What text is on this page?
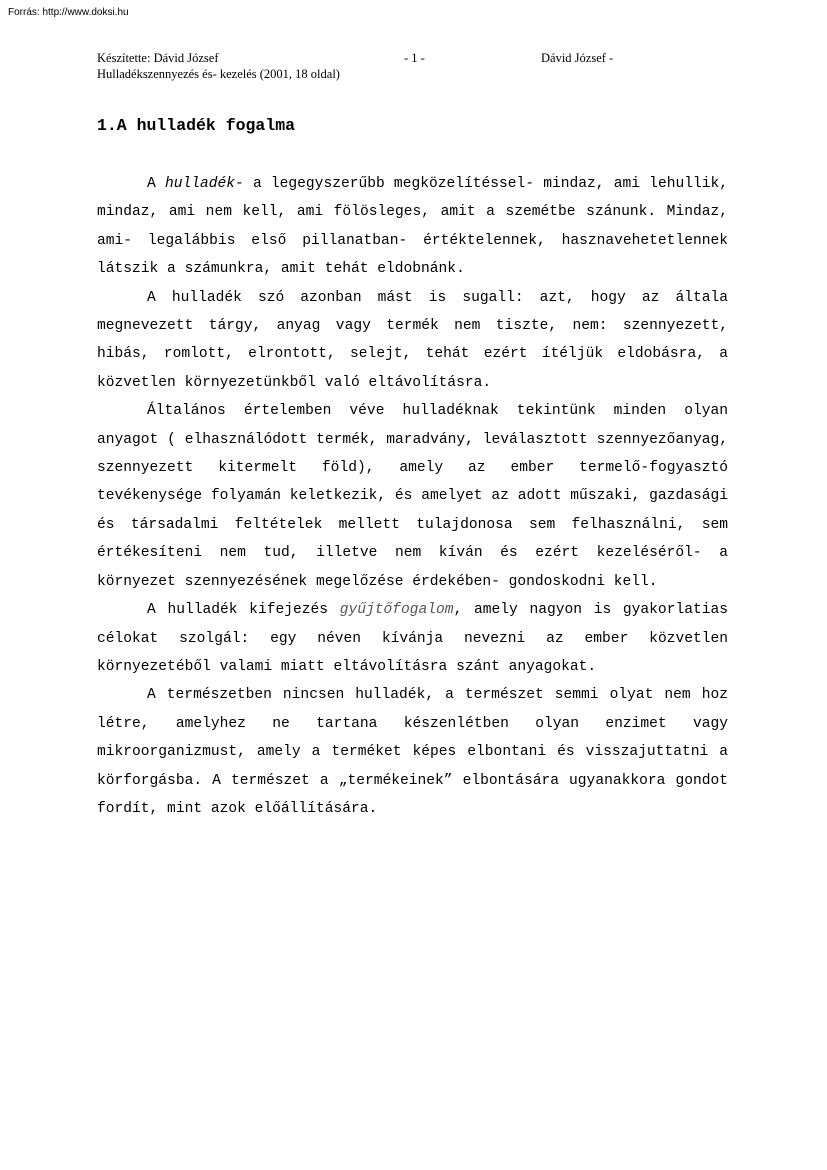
Forrás: http://www.doksi.hu
Készítette: Dávid József	- 1 -	Dávid József -
Hulladékszennyezés és- kezelés (2001, 18 oldal)
1.A hulladék fogalma

A hulladék- a legegyszerűbb megközelítéssel- mindaz, ami lehullik, mindaz, ami nem kell, ami fölösleges, amit a szemétbe szánunk. Mindaz, ami- legalábbis első pillanatban- értéktelennek, hasznavehetetlennek látszik a számunkra, amit tehát eldobnánk.

A hulladék szó azonban mást is sugall: azt, hogy az általa megnevezett tárgy, anyag vagy termék nem tiszte, nem: szennyezett, hibás, romlott, elrontott, selejt, tehát ezért ítéljük eldobásra, a közvetlen környezetünkből való eltávolításra.

Általános értelemben véve hulladéknak tekintünk minden olyan anyagot ( elhasználódott termék, maradvány, leválasztott szennyezőanyag, szennyezett kitermelt föld), amely az ember termelő-fogyasztó tevékenysége folyamán keletkezik, és amelyet az adott műszaki, gazdasági és társadalmi feltételek mellett tulajdonosa sem felhasználni, sem értékesíteni nem tud, illetve nem kíván és ezért kezeléséről- a környezet szennyezésének megelőzése érdekében- gondoskodni kell.

A hulladék kifejezés gyűjtőfogalom, amely nagyon is gyakorlatias célokat szolgál: egy néven kívánja nevezni az ember közvetlen környezetéből valami miatt eltávolításra szánt anyagokat.

A természetben nincsen hulladék, a természet semmi olyat nem hoz létre, amelyhez ne tartana készenlétben olyan enzimet vagy mikroorganizmust, amely a terméket képes elbontani és visszajuttatni a körforgásba. A természet a „termékeinek” elbontására ugyanakkora gondot fordít, mint azok előállítására.
